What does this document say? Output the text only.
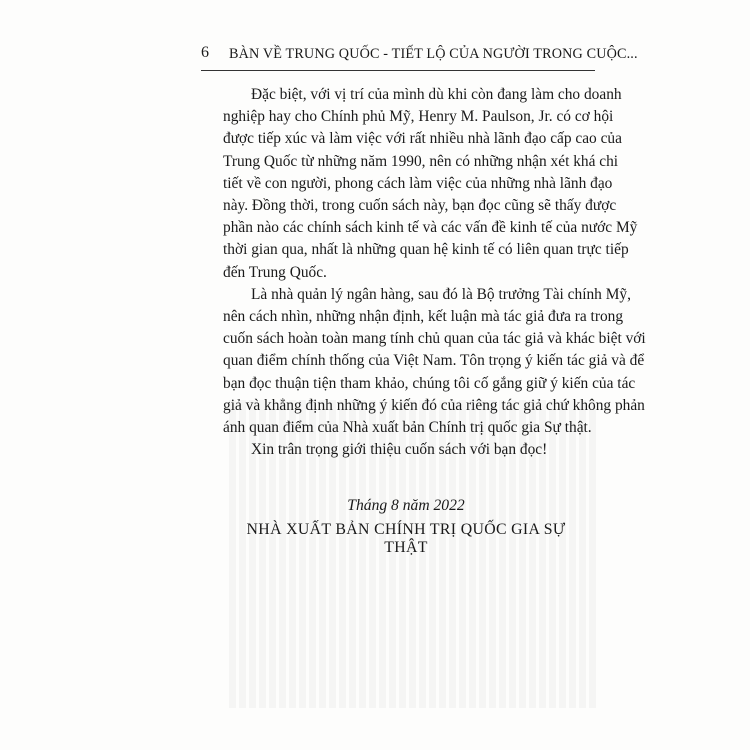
6 BÀN VỀ TRUNG QUỐC - TIẾT LỘ CỦA NGƯỜI TRONG CUỘC...
Đặc biệt, với vị trí của mình dù khi còn đang làm cho doanh
nghiệp hay cho Chính phủ Mỹ, Henry M. Paulson, Jr. có cơ hội
được tiếp xúc và làm việc với rất nhiều nhà lãnh đạo cấp cao của
Trung Quốc từ những năm 1990, nên có những nhận xét khá chi
tiết về con người, phong cách làm việc của những nhà lãnh đạo
này. Đồng thời, trong cuốn sách này, bạn đọc cũng sẽ thấy được
phần nào các chính sách kinh tế và các vấn đề kinh tế của nước Mỹ
thời gian qua, nhất là những quan hệ kinh tế có liên quan trực tiếp
đến Trung Quốc.
Là nhà quản lý ngân hàng, sau đó là Bộ trưởng Tài chính Mỹ,
nên cách nhìn, những nhận định, kết luận mà tác giả đưa ra trong
cuốn sách hoàn toàn mang tính chủ quan của tác giả và khác biệt với
quan điểm chính thống của Việt Nam. Tôn trọng ý kiến tác giả và để
bạn đọc thuận tiện tham khảo, chúng tôi cố gắng giữ ý kiến của tác
giả và khẳng định những ý kiến đó của riêng tác giả chứ không phản
ánh quan điểm của Nhà xuất bản Chính trị quốc gia Sự thật.
Xin trân trọng giới thiệu cuốn sách với bạn đọc!
Tháng 8 năm 2022
NHÀ XUẤT BẢN CHÍNH TRỊ QUỐC GIA SỰ THẬT
